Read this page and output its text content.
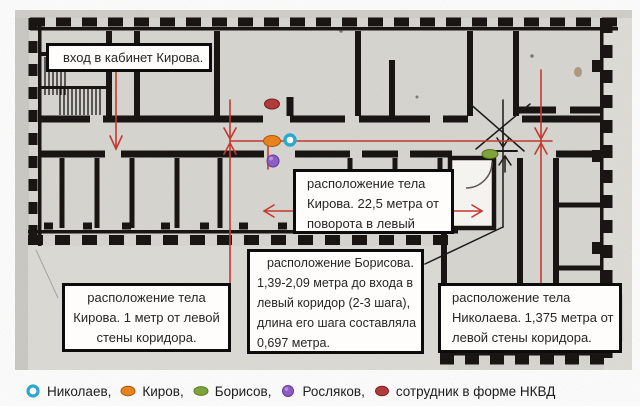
вход в кабинет Кирова.
расположение тела
Кирова. 22,5 метра от
поворота в левый
расположение тела
Кирова. 1 метр от левой
стены коридора.
расположение Борисова.
1,39-2,09 метра до входа в
левый коридор (2-3 шага),
длина его шага составляла
0,697 метра.
расположение тела
Николаева. 1,375 метра от
левой стены коридора.
Николаев, Киров, Борисов, Росляков, сотрудник в форме НКВД
